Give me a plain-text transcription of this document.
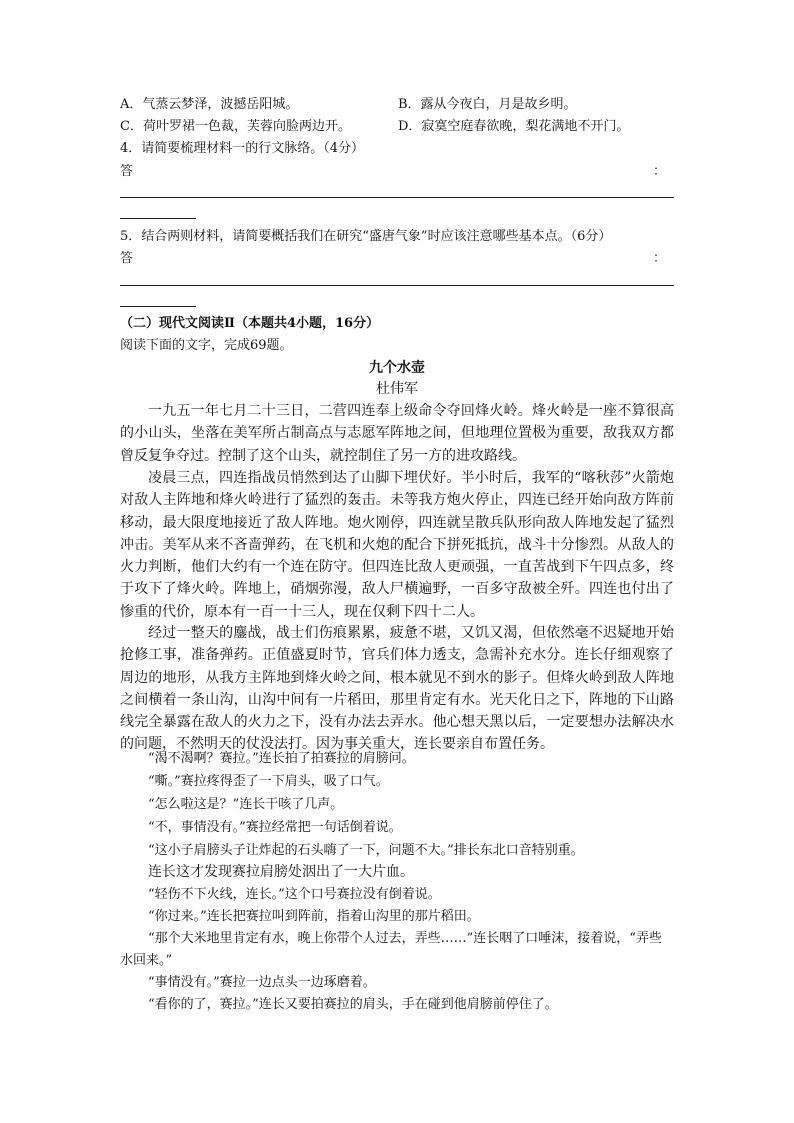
A．气蒸云梦泽，波撼岳阳城。	B．露从今夜白，月是故乡明。
C．荷叶罗裙一色裁，芙蓉向脸两边开。	D．寂寞空庭春欲晚，梨花满地不开门。
4．请简要梳理材料一的行文脉络。（4分）
答	：
5．结合两则材料，请简要概括我们在研究“盛唐气象”时应该注意哪些基本点。（6分）
答	：
（二）现代文阅读Ⅱ（本题共4小题，16分）
阅读下面的文字，完成69题。
九个水壶
杜伟军
一九五一年七月二十三日，二营四连奉上级命令夺回烽火岭。烽火岭是一座不算很高的小山头，坐落在美军所占制高点与志愿军阵地之间，但地理位置极为重要，敌我双方都曾反复争夺过。控制了这个山头，就控制住了另一方的进攻路线。
凌晨三点，四连指战员悄然到达了山脚下埋伏好。半小时后，我军的“喀秋莎”火箭炮对敌人主阵地和烽火岭进行了猛烈的轰击。未等我方炮火停止，四连已经开始向敌方阵前移动，最大限度地接近了敌人阵地。炮火刚停，四连就呈散兵队形向敌人阵地发起了猛烈冲击。美军从来不吝啬弹药，在飞机和火炮的配合下拼死抵抗，战斗十分惨烈。从敌人的火力判断，他们大约有一个连在防守。但四连比敌人更顽强，一直苦战到下午四点多，终于攻下了烽火岭。阵地上，硝烟弥漫，敌人尸横遍野，一百多守敌被全歼。四连也付出了惨重的代价，原本有一百一十三人，现在仅剩下四十二人。
经过一整天的鏖战，战士们伤痕累累，疲惫不堪，又饥又渴，但依然毫不迟疑地开始抢修工事，准备弹药。正值盛夏时节，官兵们体力透支，急需补充水分。连长仔细观察了周边的地形，从我方主阵地到烽火岭之间，根本就见不到水的影子。但烽火岭到敌人阵地之间横着一条山沟，山沟中间有一片稻田，那里肯定有水。光天化日之下，阵地的下山路线完全暴露在敌人的火力之下，没有办法去弄水。他心想天黑以后，一定要想办法解决水的问题，不然明天的仗没法打。因为事关重大，连长要亲自布置任务。
“渴不渴啊？赛拉。”连长拍了拍赛拉的肩膀问。
“嘶。”赛拉疼得歪了一下肩头，吸了口气。
“怎么啦这是？”连长干咳了几声。
“不，事情没有。”赛拉经常把一句话倒着说。
“这小子肩膀头子让炸起的石头嗨了一下，问题不大。”排长东北口音特别重。
连长这才发现赛拉肩膀处洇出了一大片血。
“轻伤不下火线，连长。”这个口号赛拉没有倒着说。
“你过来。”连长把赛拉叫到阵前，指着山沟里的那片稻田。
“那个大米地里肯定有水，晚上你带个人过去，弄些……”连长咽了口唾沫，接着说，“弄些水回来。”
“事情没有。”赛拉一边点头一边琢磨着。
“看你的了，赛拉。”连长又要拍赛拉的肩头，手在碰到他肩膀前停住了。
